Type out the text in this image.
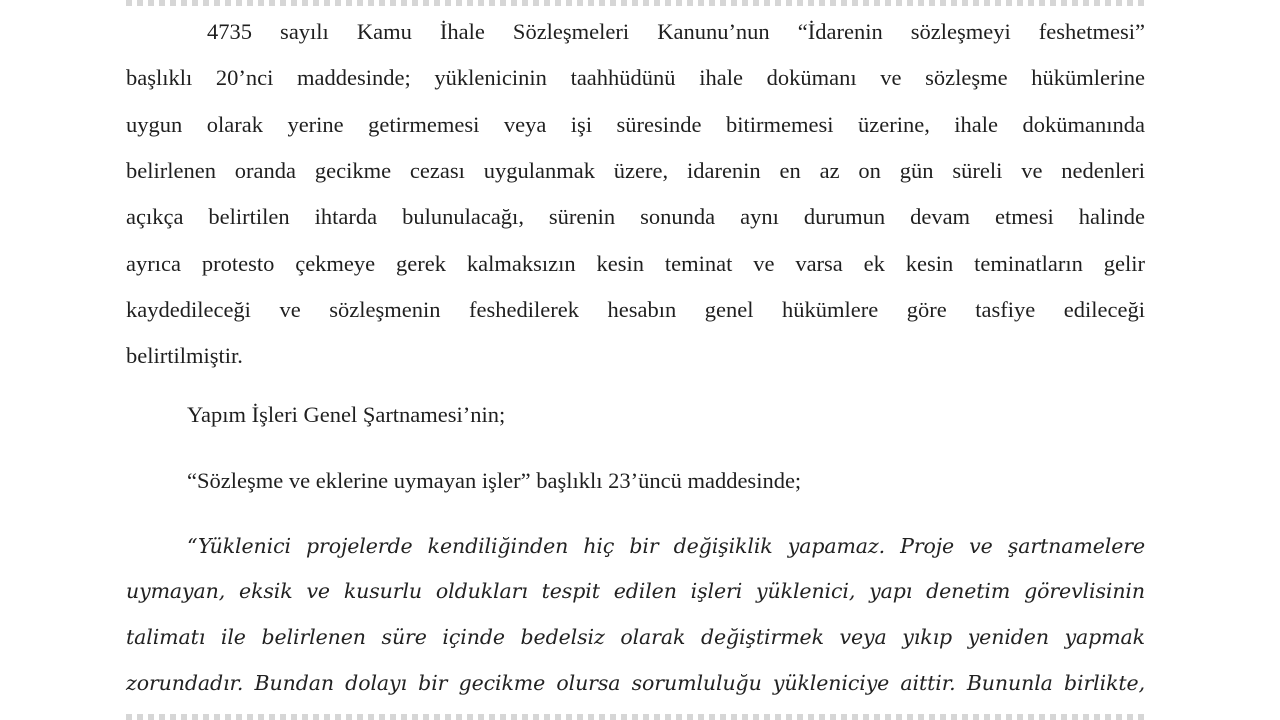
4735 sayılı Kamu İhale Sözleşmeleri Kanunu’nun “İdarenin sözleşmeyi feshetmesi”
başlıklı 20’nci maddesinde; yüklenicinin taahhüdünü ihale dokümanı ve sözleşme hükümlerine
uygun olarak yerine getirmemesi veya işi süresinde bitirmemesi üzerine, ihale dokümanında
belirlenen oranda gecikme cezası uygulanmak üzere, idarenin en az on gün süreli ve nedenleri
açıkça belirtilen ihtarda bulunulacağı, sürenin sonunda aynı durumun devam etmesi halinde
ayrıca protesto çekmeye gerek kalmaksızın kesin teminat ve varsa ek kesin teminatların gelir
kaydedileceği ve sözleşmenin feshedilerek hesabın genel hükümlere göre tasfiye edileceği
belirtilmiştir.
Yapım İşleri Genel Şartnamesi’nin;
“Sözleşme ve eklerine uymayan işler” başlıklı 23’üncü maddesinde;
“Yüklenici projelerde kendiliğinden hiç bir değişiklik yapamaz. Proje ve şartnamelere
uymayan, eksik ve kusurlu oldukları tespit edilen işleri yüklenici, yapı denetim görevlisinin
talimatı ile belirlenen süre içinde bedelsiz olarak değiştirmek veya yıkıp yeniden yapmak
zorundadır. Bundan dolayı bir gecikme olursa sorumluluğu yükleniciye aittir. Bununla birlikte,
